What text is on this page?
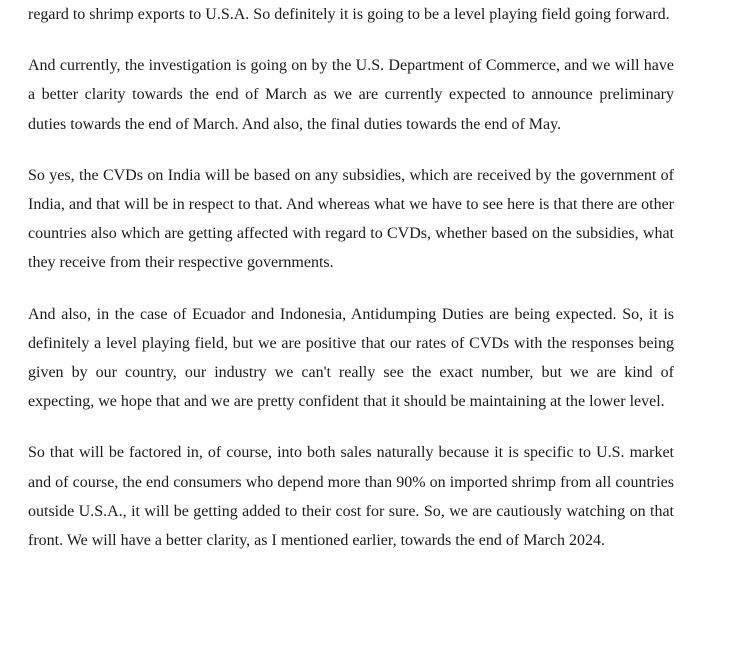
regard to shrimp exports to U.S.A. So definitely it is going to be a level playing field going forward.

And currently, the investigation is going on by the U.S. Department of Commerce, and we will have a better clarity towards the end of March as we are currently expected to announce preliminary duties towards the end of March. And also, the final duties towards the end of May.

So yes, the CVDs on India will be based on any subsidies, which are received by the government of India, and that will be in respect to that. And whereas what we have to see here is that there are other countries also which are getting affected with regard to CVDs, whether based on the subsidies, what they receive from their respective governments.

And also, in the case of Ecuador and Indonesia, Antidumping Duties are being expected. So, it is definitely a level playing field, but we are positive that our rates of CVDs with the responses being given by our country, our industry we can't really see the exact number, but we are kind of expecting, we hope that and we are pretty confident that it should be maintaining at the lower level.

So that will be factored in, of course, into both sales naturally because it is specific to U.S. market and of course, the end consumers who depend more than 90% on imported shrimp from all countries outside U.S.A., it will be getting added to their cost for sure. So, we are cautiously watching on that front. We will have a better clarity, as I mentioned earlier, towards the end of March 2024.
